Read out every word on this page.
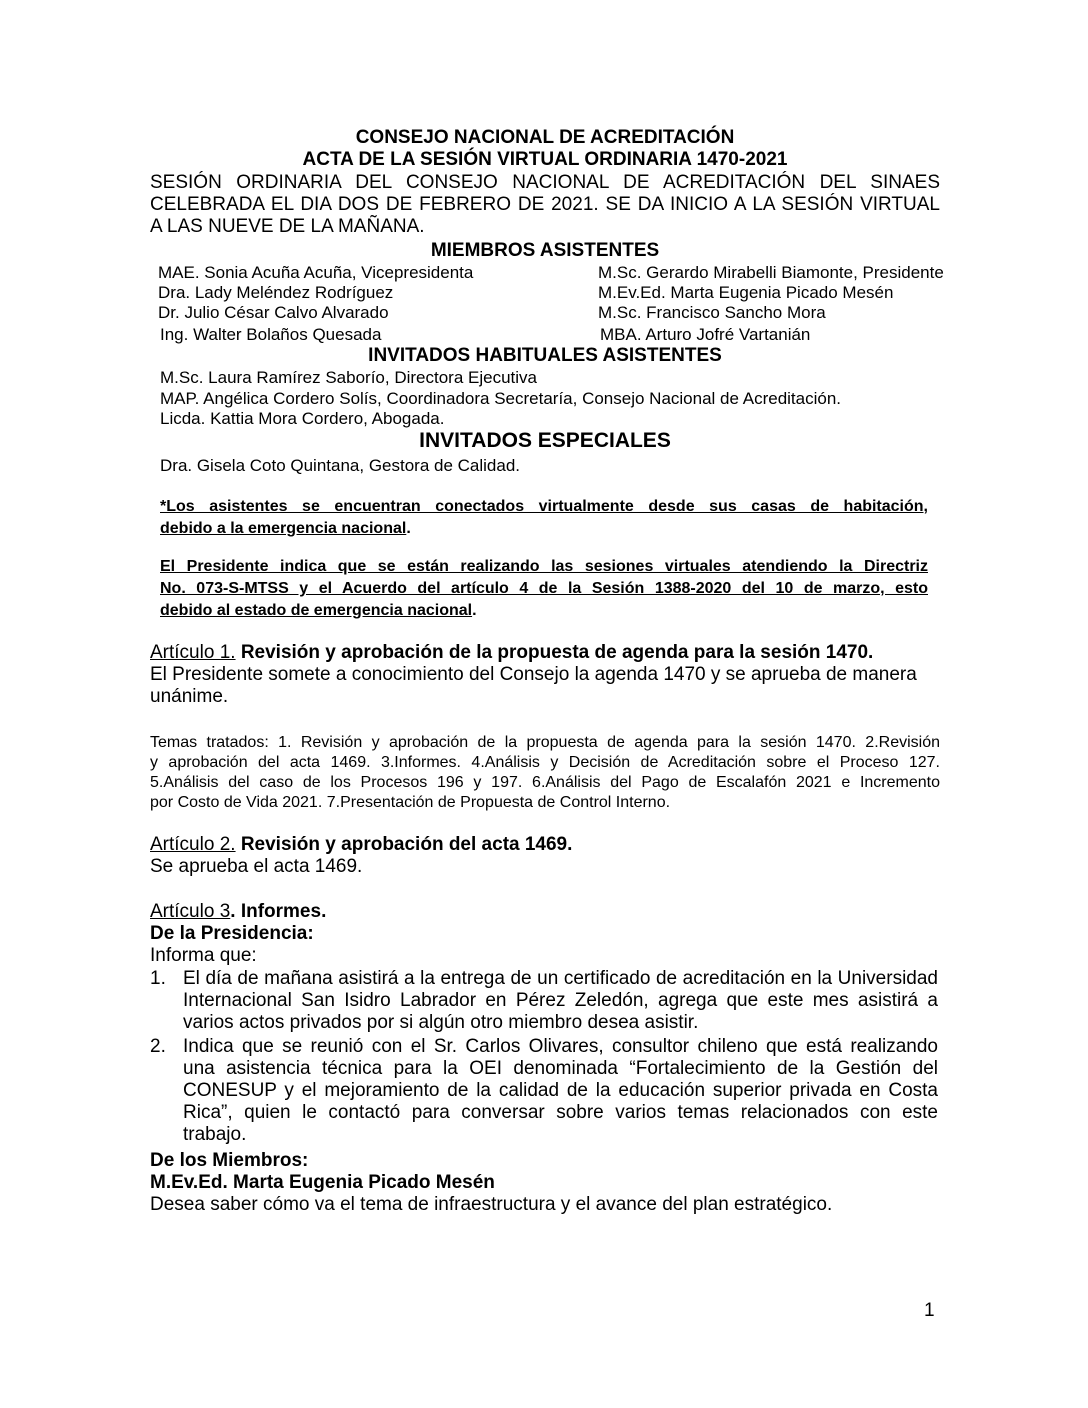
CONSEJO NACIONAL DE ACREDITACIÓN
ACTA DE LA SESIÓN VIRTUAL ORDINARIA 1470-2021
SESIÓN ORDINARIA DEL CONSEJO NACIONAL DE ACREDITACIÓN DEL SINAES
CELEBRADA EL DIA DOS DE FEBRERO DE 2021. SE DA INICIO A LA SESIÓN VIRTUAL
A LAS NUEVE DE LA MAÑANA.
MIEMBROS ASISTENTES
MAE. Sonia Acuña Acuña, Vicepresidenta
Dra. Lady Meléndez Rodríguez
Dr. Julio César Calvo Alvarado
Ing. Walter Bolaños Quesada
M.Sc. Gerardo Mirabelli Biamonte, Presidente
M.Ev.Ed. Marta Eugenia Picado Mesén
M.Sc. Francisco Sancho Mora
MBA. Arturo Jofré Vartanián
INVITADOS HABITUALES ASISTENTES
M.Sc. Laura Ramírez Saborío, Directora Ejecutiva
MAP. Angélica Cordero Solís, Coordinadora Secretaría, Consejo Nacional de Acreditación.
Licda. Kattia Mora Cordero, Abogada.
INVITADOS ESPECIALES
Dra. Gisela Coto Quintana, Gestora de Calidad.
*Los asistentes se encuentran conectados virtualmente desde sus casas de habitación,
debido a la emergencia nacional.
El Presidente indica que se están realizando las sesiones virtuales atendiendo la Directriz
No. 073-S-MTSS y el Acuerdo del artículo 4 de la Sesión 1388-2020 del 10 de marzo, esto
debido al estado de emergencia nacional.
Artículo 1. Revisión y aprobación de la propuesta de agenda para la sesión 1470.
El Presidente somete a conocimiento del Consejo la agenda 1470 y se aprueba de manera
unánime.
Temas tratados: 1. Revisión y aprobación de la propuesta de agenda para la sesión 1470. 2.Revisión
y aprobación del acta 1469. 3.Informes. 4.Análisis y Decisión de Acreditación sobre el Proceso 127.
5.Análisis del caso de los Procesos 196 y 197. 6.Análisis del Pago de Escalafón 2021 e Incremento
por Costo de Vida 2021. 7.Presentación de Propuesta de Control Interno.
Artículo 2. Revisión y aprobación del acta 1469.
Se aprueba el acta 1469.
Artículo 3. Informes.
De la Presidencia:
Informa que:
1. El día de mañana asistirá a la entrega de un certificado de acreditación en la Universidad
Internacional San Isidro Labrador en Pérez Zeledón, agrega que este mes asistirá a
varios actos privados por si algún otro miembro desea asistir.
2. Indica que se reunió con el Sr. Carlos Olivares, consultor chileno que está realizando
una asistencia técnica para la OEI denominada “Fortalecimiento de la Gestión del
CONESUP y el mejoramiento de la calidad de la educación superior privada en Costa
Rica”, quien le contactó para conversar sobre varios temas relacionados con este
trabajo.
De los Miembros:
M.Ev.Ed. Marta Eugenia Picado Mesén
Desea saber cómo va el tema de infraestructura y el avance del plan estratégico.
1
